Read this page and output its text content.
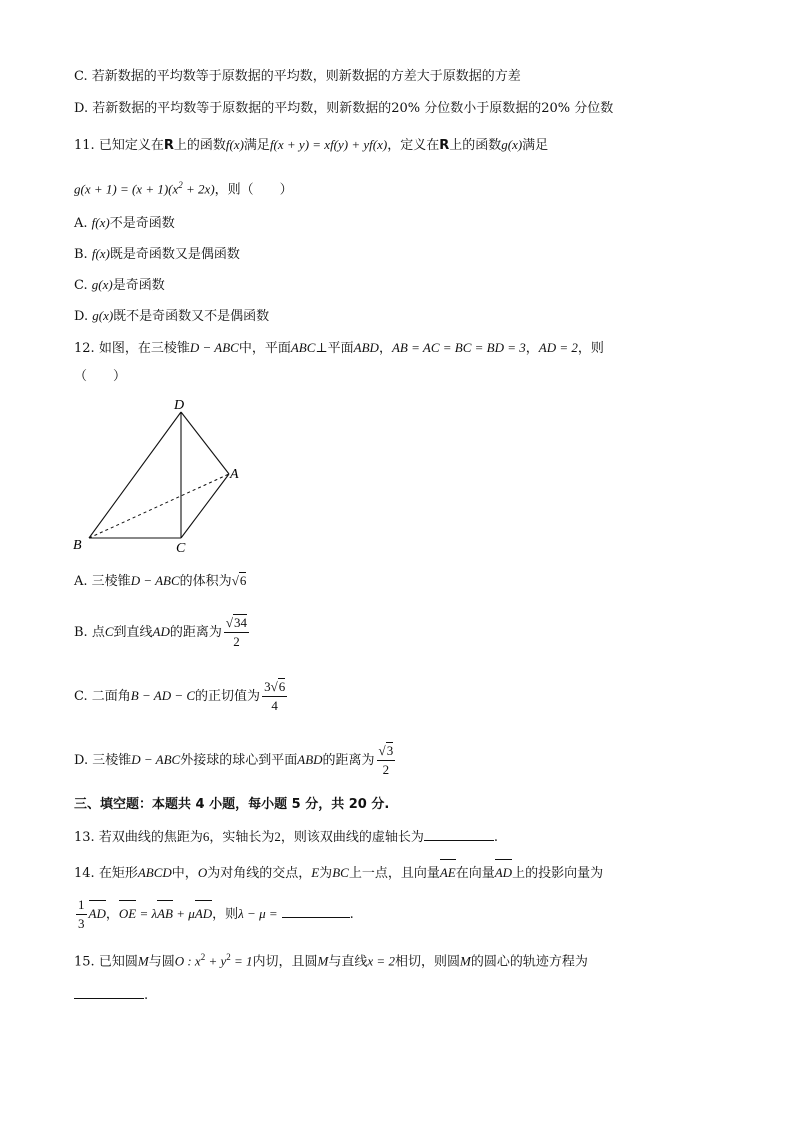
C. 若新数据的平均数等于原数据的平均数，则新数据的方差大于原数据的方差
D. 若新数据的平均数等于原数据的平均数，则新数据的20% 分位数小于原数据的20% 分位数
11. 已知定义在R上的函数f(x)满足f(x + y) = xf(y) + yf(x)，定义在R上的函数g(x)满足
$g(x + 1) = (x + 1)(x^2 + 2x)$，则（　　）
A. f(x)不是奇函数
B. f(x)既是奇函数又是偶函数
C. g(x)是奇函数
D. g(x)既不是奇函数又不是偶函数
12. 如图，在三棱锥D − ABC中，平面ABC⊥平面ABD，AB = AC = BC = BD = 3，AD = 2，则
（　　）
D
A
B	C
A. 三棱锥D − ABC的体积为√6
B. 点C到直线AD的距离为 $\frac{√34}{2}$
C. 二面角B − AD − C的正切值为 $\frac{3√6}{4}$
D. 三棱锥D − ABC外接球的球心到平面ABD的距离为 $\frac{√3}{2}$
三、填空题：本题共 4 小题，每小题 5 分，共 20 分.
13. 若双曲线的焦距为6，实轴长为2，则该双曲线的虚轴长为	.
14. 在矩形ABCD中，O为对角线的交点，E为BC上一点，且向量AE在向量AD上的投影向量为
$\frac{1}{3}$ AD，OE = λAB + μAD，则λ − μ =	.
15. 已知圆M与圆O : $x^2 + y^2 = 1$内切，且圆M与直线x = 2相切，则圆M的圆心的轨迹方程为
.
